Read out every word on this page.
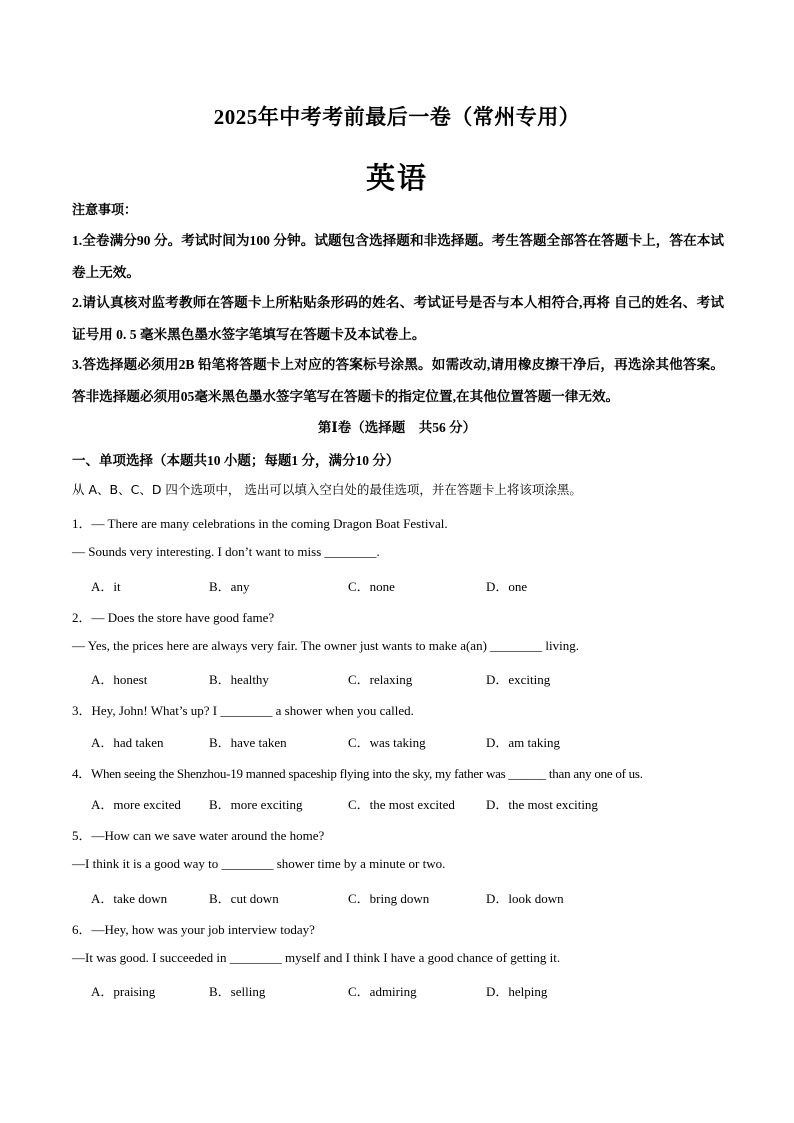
2025年中考考前最后一卷（常州专用）
英语
注意事项：
1.全卷满分90 分。考试时间为100 分钟。试题包含选择题和非选择题。考生答题全部答在答题卡上，答在本试卷上无效。
2.请认真核对监考教师在答题卡上所粘贴条形码的姓名、考试证号是否与本人相符合,再将 自己的姓名、考试证号用 0. 5 毫米黑色墨水签字笔填写在答题卡及本试卷上。
3.答选择题必须用2B 铅笔将答题卡上对应的答案标号涂黑。如需改动,请用橡皮擦干净后，再选涂其他答案。答非选择题必须用05毫米黑色墨水签字笔写在答题卡的指定位置,在其他位置答题一律无效。
第Ⅰ卷（选择题　共56 分）
一、单项选择（本题共10 小题；每题1 分，满分10 分）
从 A、B、C、D 四个选项中， 选出可以填入空白处的最佳选项，并在答题卡上将该项涂黑。
1．— There are many celebrations in the coming Dragon Boat Festival.
— Sounds very interesting. I don’t want to miss ________.
A．it	B．any	C．none	D．one
2．— Does the store have good fame?
— Yes, the prices here are always very fair. The owner just wants to make a(an) ________ living.
A．honest	B．healthy	C．relaxing	D．exciting
3．Hey, John! What’s up? I ________ a shower when you called.
A．had taken	B．have taken	C．was taking	D．am taking
4．When seeing the Shenzhou-19 manned spaceship flying into the sky, my father was ______ than any one of us.
A．more excited B．more exciting	C．the most excited D．the most exciting
5．—How can we save water around the home?
—I think it is a good way to ________ shower time by a minute or two.
A．take down	B．cut down	C．bring down	D．look down
6．—Hey, how was your job interview today?
—It was good. I succeeded in ________ myself and I think I have a good chance of getting it.
A．praising	B．selling	C．admiring	D．helping
